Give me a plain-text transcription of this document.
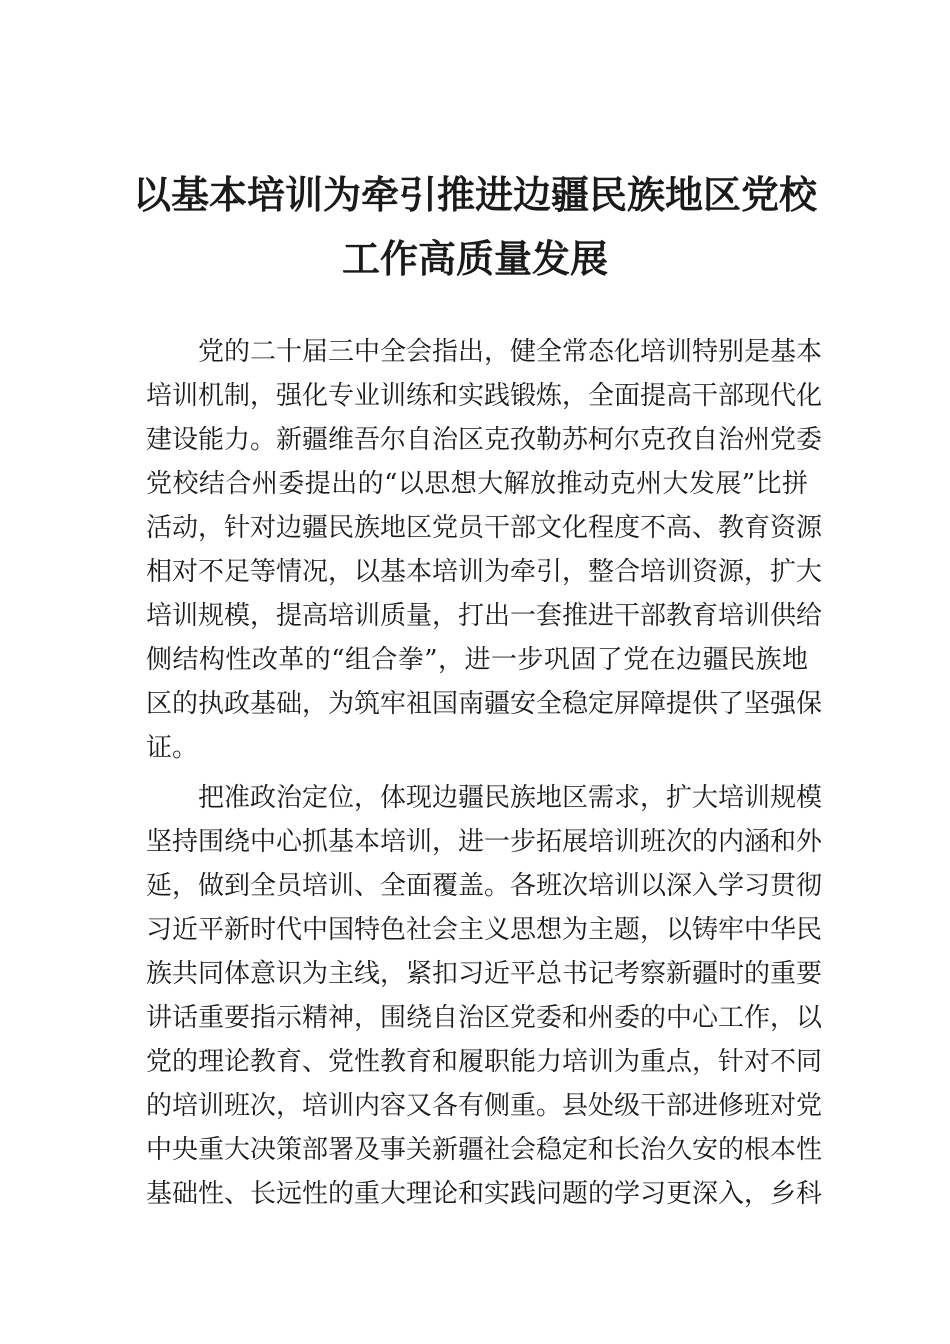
以基本培训为牵引推进边疆民族地区党校
工作高质量发展
党的二十届三中全会指出，健全常态化培训特别是基本
培训机制，强化专业训练和实践锻炼，全面提高干部现代化
建设能力。新疆维吾尔自治区克孜勒苏柯尔克孜自治州党委
党校结合州委提出的“以思想大解放推动克州大发展”比拼
活动，针对边疆民族地区党员干部文化程度不高、教育资源
相对不足等情况，以基本培训为牵引，整合培训资源，扩大
培训规模，提高培训质量，打出一套推进干部教育培训供给
侧结构性改革的“组合拳”，进一步巩固了党在边疆民族地
区的执政基础，为筑牢祖国南疆安全稳定屏障提供了坚强保
证。
把准政治定位，体现边疆民族地区需求，扩大培训规模
坚持围绕中心抓基本培训，进一步拓展培训班次的内涵和外
延，做到全员培训、全面覆盖。各班次培训以深入学习贯彻
习近平新时代中国特色社会主义思想为主题，以铸牢中华民
族共同体意识为主线，紧扣习近平总书记考察新疆时的重要
讲话重要指示精神，围绕自治区党委和州委的中心工作，以
党的理论教育、党性教育和履职能力培训为重点，针对不同
的培训班次，培训内容又各有侧重。县处级干部进修班对党
中央重大决策部署及事关新疆社会稳定和长治久安的根本性
基础性、长远性的重大理论和实践问题的学习更深入，乡科
